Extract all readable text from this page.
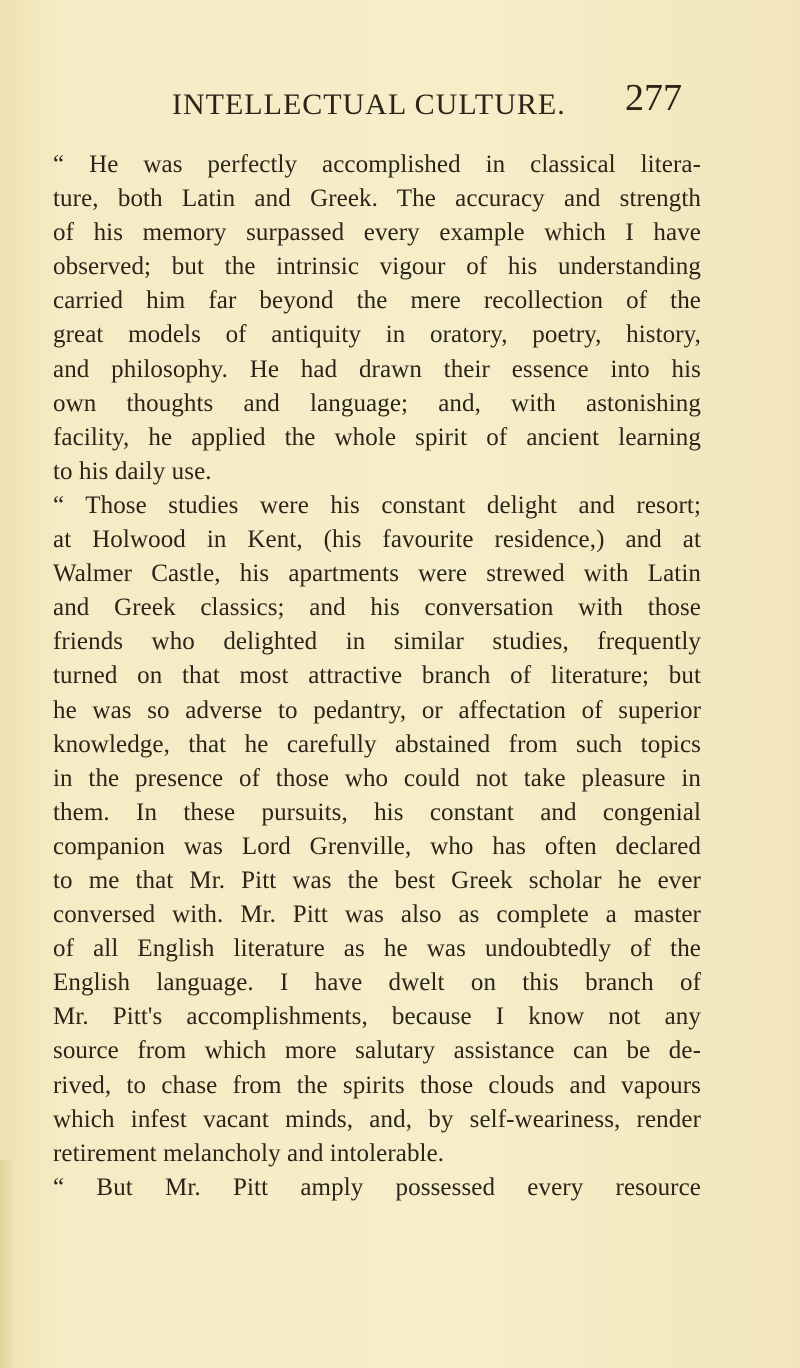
INTELLECTUAL CULTURE. 277
“ He was perfectly accomplished in classical litera-
ture, both Latin and Greek. The accuracy and strength
of his memory surpassed every example which I have
observed; but the intrinsic vigour of his understanding
carried him far beyond the mere recollection of the
great models of antiquity in oratory, poetry, history,
and philosophy. He had drawn their essence into his
own thoughts and language; and, with astonishing
facility, he applied the whole spirit of ancient learning
to his daily use.
“ Those studies were his constant delight and resort;
at Holwood in Kent, (his favourite residence,) and at
Walmer Castle, his apartments were strewed with Latin
and Greek classics; and his conversation with those
friends who delighted in similar studies, frequently
turned on that most attractive branch of literature; but
he was so adverse to pedantry, or affectation of superior
knowledge, that he carefully abstained from such topics
in the presence of those who could not take pleasure in
them. In these pursuits, his constant and congenial
companion was Lord Grenville, who has often declared
to me that Mr. Pitt was the best Greek scholar he ever
conversed with. Mr. Pitt was also as complete a master
of all English literature as he was undoubtedly of the
English language. I have dwelt on this branch of
Mr. Pitt's accomplishments, because I know not any
source from which more salutary assistance can be de-
rived, to chase from the spirits those clouds and vapours
which infest vacant minds, and, by self-weariness, render
retirement melancholy and intolerable.
“ But Mr. Pitt amply possessed every resource
